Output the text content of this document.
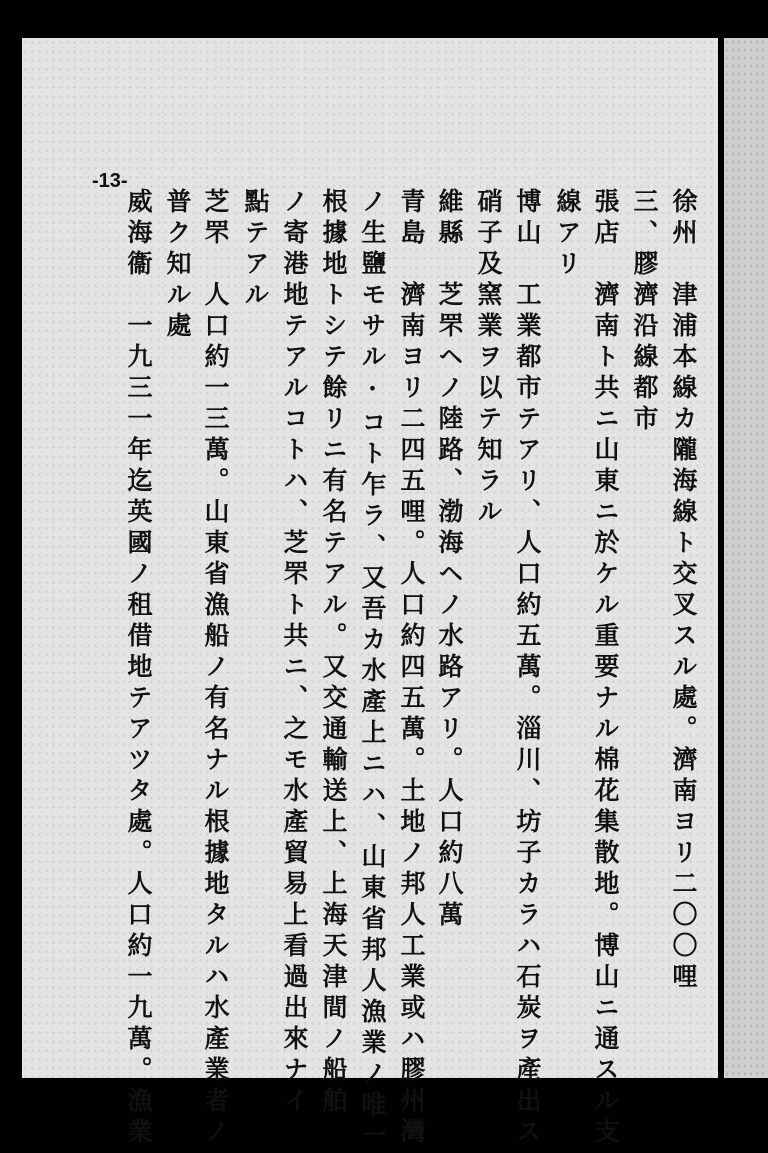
徐州　津浦本線カ隴海線ト交叉スル處。濟南ヨリ二〇〇哩
三、膠濟沿線都市
張店　濟南ト共ニ山東ニ於ケル重要ナル棉花集散地。博山ニ通スル支
線アリ
博山　工業都市テアリ、人口約五萬。淄川、坊子カラハ石炭ヲ產出ス
硝子及窯業ヲ以テ知ラル
維縣　芝罘ヘノ陸路、渤海ヘノ水路アリ。人口約八萬
青島　濟南ヨリ二四五哩。人口約四五萬。土地ノ邦人工業或ハ膠州灣
ノ生鹽モサル·コト乍ラ、又吾カ水產上ニハ、山東省邦人漁業ノ唯一
根據地トシテ餘リニ有名テアル。又交通輸送上、上海天津間ノ船舶
ノ寄港地テアルコトハ、芝罘ト共ニ、之モ水產貿易上看過出來ナイ
點テアル
芝罘　人口約一三萬。山東省漁船ノ有名ナル根據地タルハ水產業者ノ
普ク知ル處
威海衞　一九三一年迄英國ノ租借地テアツタ處。人口約一九萬。漁業
-13-
